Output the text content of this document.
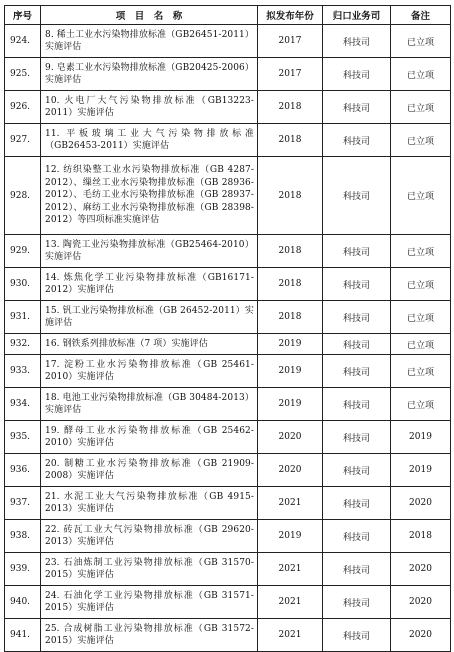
序号	项　目　名　称	拟发布年份	归口业务司	备注
924.	8. 稀土工业水污染物排放标准（GB26451-2011）实施评估	2017	科技司	已立项
925.	9. 皂素工业水污染物排放标准（GB20425-2006）实施评估	2017	科技司	已立项
926.	10. 火电厂大气污染物排放标准（GB13223-2011）实施评估	2018	科技司	已立项
927.	11. 平板玻璃工业大气污染物排放标准（GB26453-2011）实施评估	2018	科技司	已立项
928.	12. 纺织染整工业水污染物排放标准（GB 4287-2012）、缫丝工业水污染物排放标准（GB 28936-2012）、毛纺工业水污染物排放标准（GB 28937-2012）、麻纺工业水污染物排放标准（GB 28398-2012）等四项标准实施评估	2018	科技司	已立项
929.	13. 陶瓷工业污染物排放标准（GB25464-2010）实施评估	2018	科技司	已立项
930.	14. 炼焦化学工业污染物排放标准（GB16171-2012）实施评估	2018	科技司	已立项
931.	15. 钒工业污染物排放标准（GB 26452-2011）实施评估	2018	科技司	已立项
932.	16. 钢铁系列排放标准（7 项）实施评估	2019	科技司	已立项
933.	17. 淀粉工业水污染物排放标准（GB 25461-2010）实施评估	2019	科技司	已立项
934.	18. 电池工业污染物排放标准（GB 30484-2013）实施评估	2019	科技司	已立项
935.	19. 酵母工业水污染物排放标准（GB 25462-2010）实施评估	2020	科技司	2019
936.	20. 制糖工业水污染物排放标准（GB 21909-2008）实施评估	2020	科技司	2019
937.	21. 水泥工业大气污染物排放标准（GB 4915-2013）实施评估	2021	科技司	2020
938.	22. 砖瓦工业大气污染物排放标准（GB 29620-2013）实施评估	2019	科技司	2018
939.	23. 石油炼制工业污染物排放标准（GB 31570-2015）实施评估	2021	科技司	2020
940.	24. 石油化学工业污染物排放标准（GB 31571-2015）实施评估	2021	科技司	2020
941.	25. 合成树脂工业污染物排放标准（GB 31572-2015）实施评估	2021	科技司	2020
